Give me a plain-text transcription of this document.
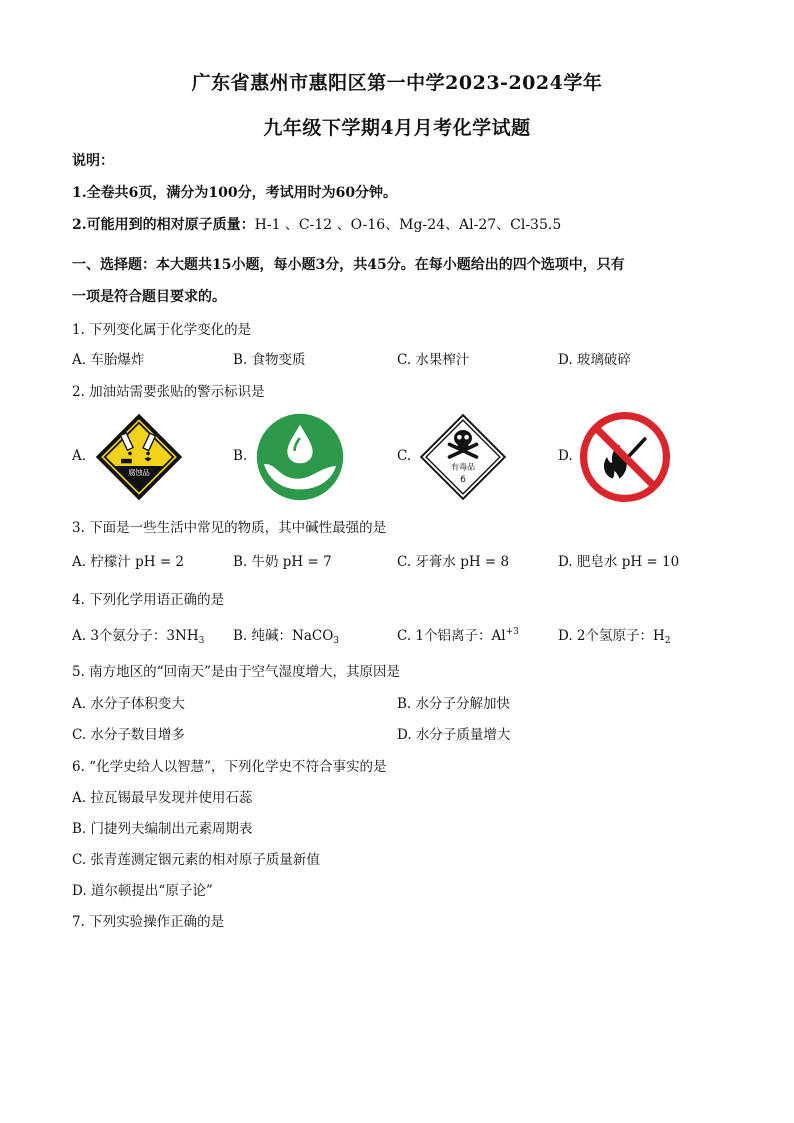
广东省惠州市惠阳区第一中学2023-2024学年
九年级下学期4月月考化学试题
说明：
1.全卷共6页，满分为100分，考试用时为60分钟。
2.可能用到的相对原子质量：H-1 、C-12 、O-16、Mg-24、Al-27、Cl-35.5
一、选择题：本大题共15小题，每小题3分，共45分。在每小题给出的四个选项中，只有
一项是符合题目要求的。
1. 下列变化属于化学变化的是
A. 车胎爆炸	B. 食物变质	C. 水果榨汁	D. 玻璃破碎
2. 加油站需要张贴的警示标识是
A.
腐蚀品
B.	C.
有毒品
6
D.
3. 下面是一些生活中常见的物质，其中碱性最强的是
A. 柠檬汁 pH = 2	B. 牛奶 pH = 7	C. 牙膏水 pH = 8	D. 肥皂水 pH = 10
4. 下列化学用语正确的是
A. 3个氨分子：$3NH_3$ B. 纯碱：NaCO$_3$	C. 1个铝离子：$Al^{+3}$	D. 2个氢原子：$H_2$
5. 南方地区的“回南天”是由于空气湿度增大，其原因是
A. 水分子体积变大	B. 水分子分解加快
C. 水分子数目增多	D. 水分子质量增大
6. “化学史给人以智慧”，下列化学史不符合事实的是
A. 拉瓦锡最早发现并使用石蕊
B. 门捷列夫编制出元素周期表
C. 张青莲测定铟元素的相对原子质量新值
D. 道尔顿提出“原子论”
7. 下列实验操作正确的是
